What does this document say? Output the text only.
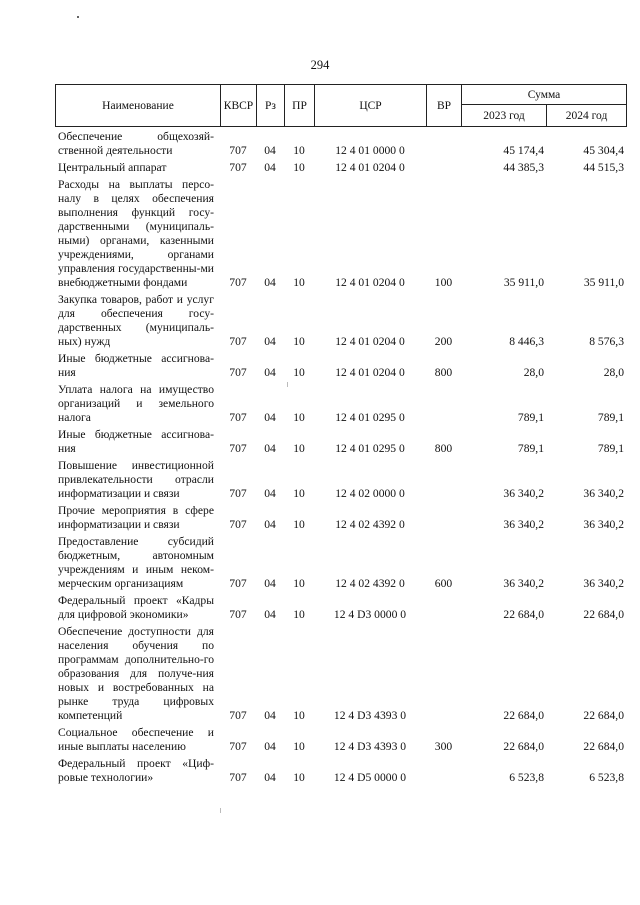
294
Наименование	КВСР	Рз	ПР	ЦСР	ВР	Сумма	
						2023 год	2024 год
Обеспечение общехозяй-ственной деятельности	707	04	10	12 4 01 0000 0		45 174,4	45 304,4
Центральный аппарат	707	04	10	12 4 01 0204 0		44 385,3	44 515,3
Расходы на выплаты персо-налу в целях обеспечения выполнения функций госу-дарственными (муниципаль-ными) органами, казенными учреждениями, органами управления государственны-ми внебюджетными фондами	707	04	10	12 4 01 0204 0	100	35 911,0	35 911,0
Закупка товаров, работ и услуг для обеспечения госу-дарственных (муниципаль-ных) нужд	707	04	10	12 4 01 0204 0	200	8 446,3	8 576,3
Иные бюджетные ассигнова-ния	707	04	10	12 4 01 0204 0	800	28,0	28,0
Уплата налога на имущество организаций и земельного налога	707	04	10	12 4 01 0295 0		789,1	789,1
Иные бюджетные ассигнова-ния	707	04	10	12 4 01 0295 0	800	789,1	789,1
Повышение инвестиционной привлекательности отрасли информатизации и связи	707	04	10	12 4 02 0000 0		36 340,2	36 340,2
Прочие мероприятия в сфере информатизации и связи	707	04	10	12 4 02 4392 0		36 340,2	36 340,2
Предоставление субсидий бюджетным, автономным учреждениям и иным неком-мерческим организациям	707	04	10	12 4 02 4392 0	600	36 340,2	36 340,2
Федеральный проект «Кадры для цифровой экономики»	707	04	10	12 4 D3 0000 0		22 684,0	22 684,0
Обеспечение доступности для населения обучения по программам дополнительно-го образования для получе-ния новых и востребованных на рынке труда цифровых компетенций	707	04	10	12 4 D3 4393 0		22 684,0	22 684,0
Социальное обеспечение и иные выплаты населению	707	04	10	12 4 D3 4393 0	300	22 684,0	22 684,0
Федеральный проект «Циф-ровые технологии»	707	04	10	12 4 D5 0000 0		6 523,8	6 523,8
